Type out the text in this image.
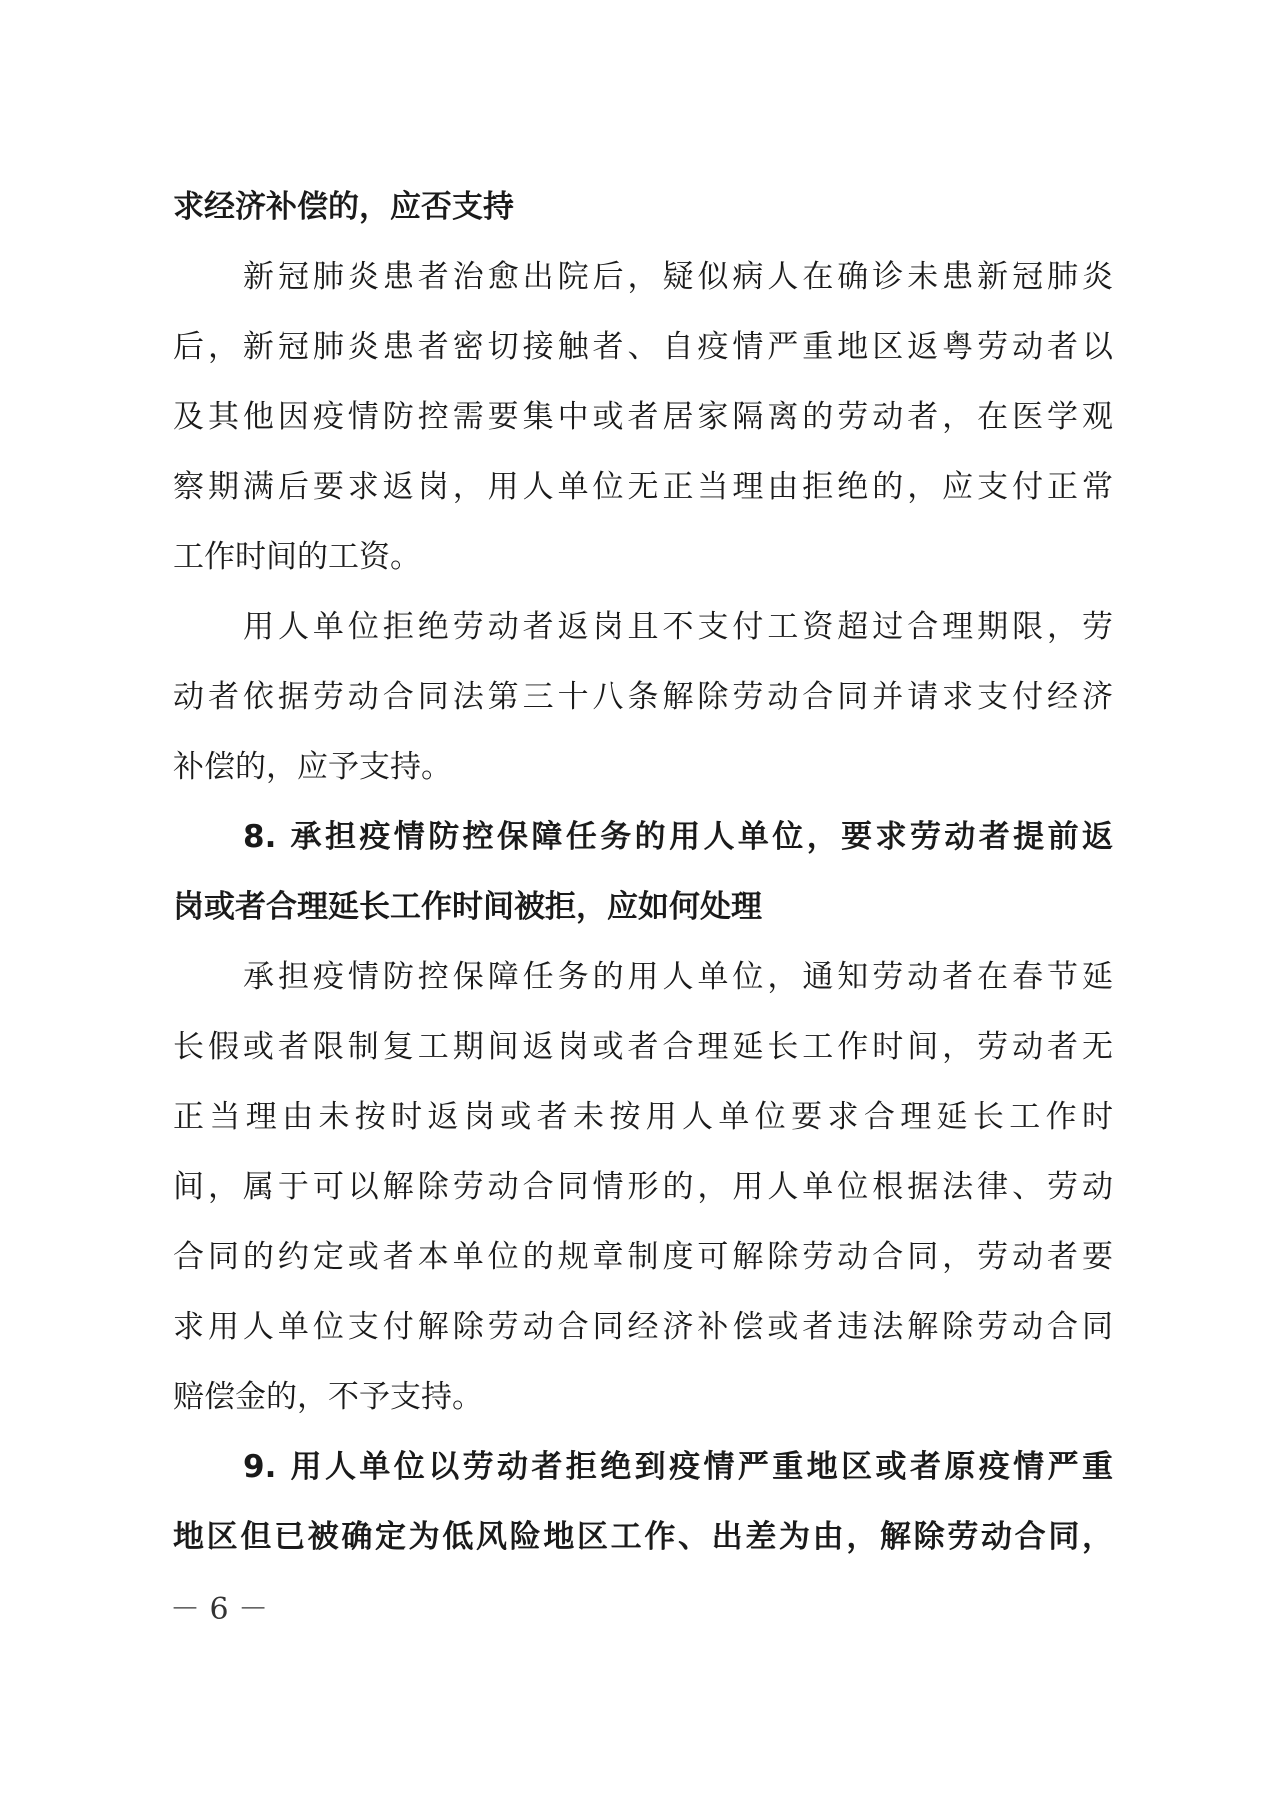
求经济补偿的，应否支持
新冠肺炎患者治愈出院后，疑似病人在确诊未患新冠肺炎
后，新冠肺炎患者密切接触者、自疫情严重地区返粤劳动者以
及其他因疫情防控需要集中或者居家隔离的劳动者，在医学观
察期满后要求返岗，用人单位无正当理由拒绝的，应支付正常
工作时间的工资。
用人单位拒绝劳动者返岗且不支付工资超过合理期限，劳
动者依据劳动合同法第三十八条解除劳动合同并请求支付经济
补偿的，应予支持。
8. 承担疫情防控保障任务的用人单位，要求劳动者提前返
岗或者合理延长工作时间被拒，应如何处理
承担疫情防控保障任务的用人单位，通知劳动者在春节延
长假或者限制复工期间返岗或者合理延长工作时间，劳动者无
正当理由未按时返岗或者未按用人单位要求合理延长工作时
间，属于可以解除劳动合同情形的，用人单位根据法律、劳动
合同的约定或者本单位的规章制度可解除劳动合同，劳动者要
求用人单位支付解除劳动合同经济补偿或者违法解除劳动合同
赔偿金的，不予支持。
9. 用人单位以劳动者拒绝到疫情严重地区或者原疫情严重
地区但已被确定为低风险地区工作、出差为由，解除劳动合同，
－ 6 －
